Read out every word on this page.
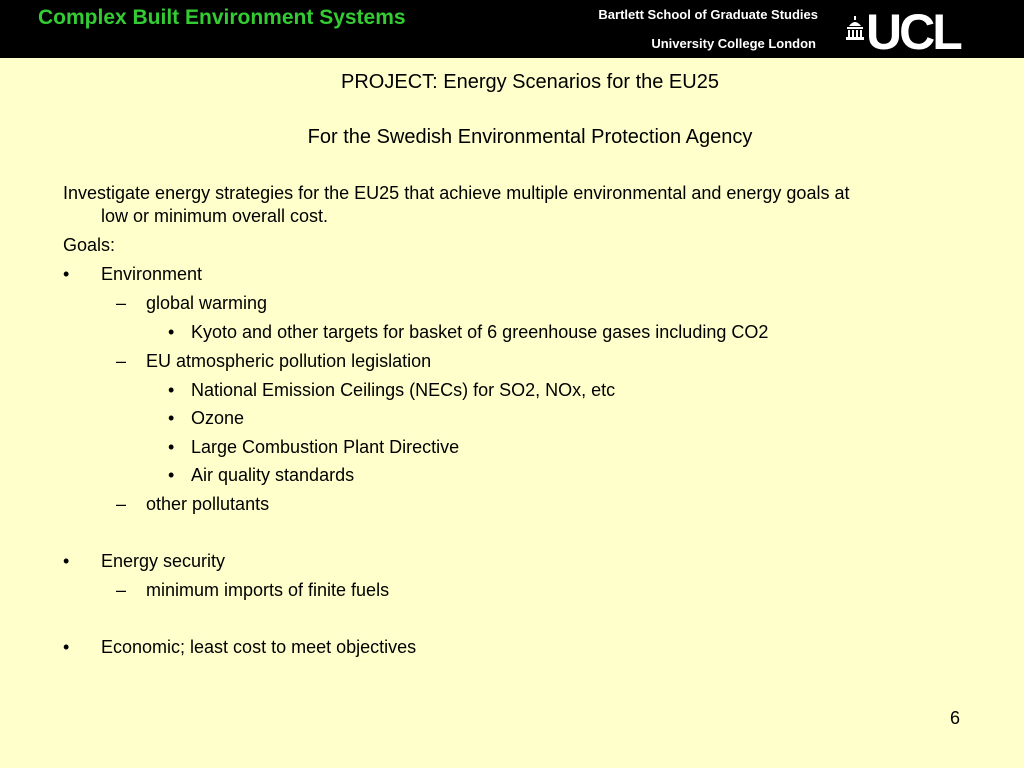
Complex Built Environment Systems	Bartlett School of Graduate Studies
University College London UCL
PROJECT: Energy Scenarios for the EU25
For the Swedish Environmental Protection Agency
Investigate energy strategies for the EU25 that achieve multiple environmental and energy goals at
low or minimum overall cost.
Goals:
• Environment
– global warming
• Kyoto and other targets for basket of 6 greenhouse gases including CO2
– EU atmospheric pollution legislation
• National Emission Ceilings (NECs) for SO2, NOx, etc
• Ozone
• Large Combustion Plant Directive
• Air quality standards
– other pollutants
• Energy security
– minimum imports of finite fuels
• Economic; least cost to meet objectives
6
